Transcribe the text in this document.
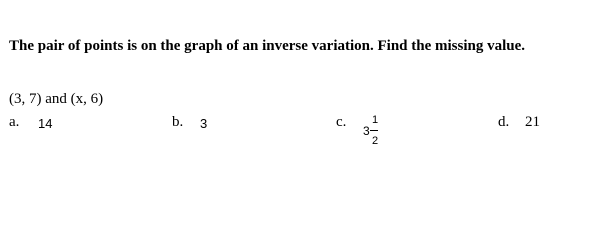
The pair of points is on the graph of an inverse variation. Find the missing value.
(3, 7) and (x, 6)
a. 14	b. 3	c.
3
1
2
d. 21
